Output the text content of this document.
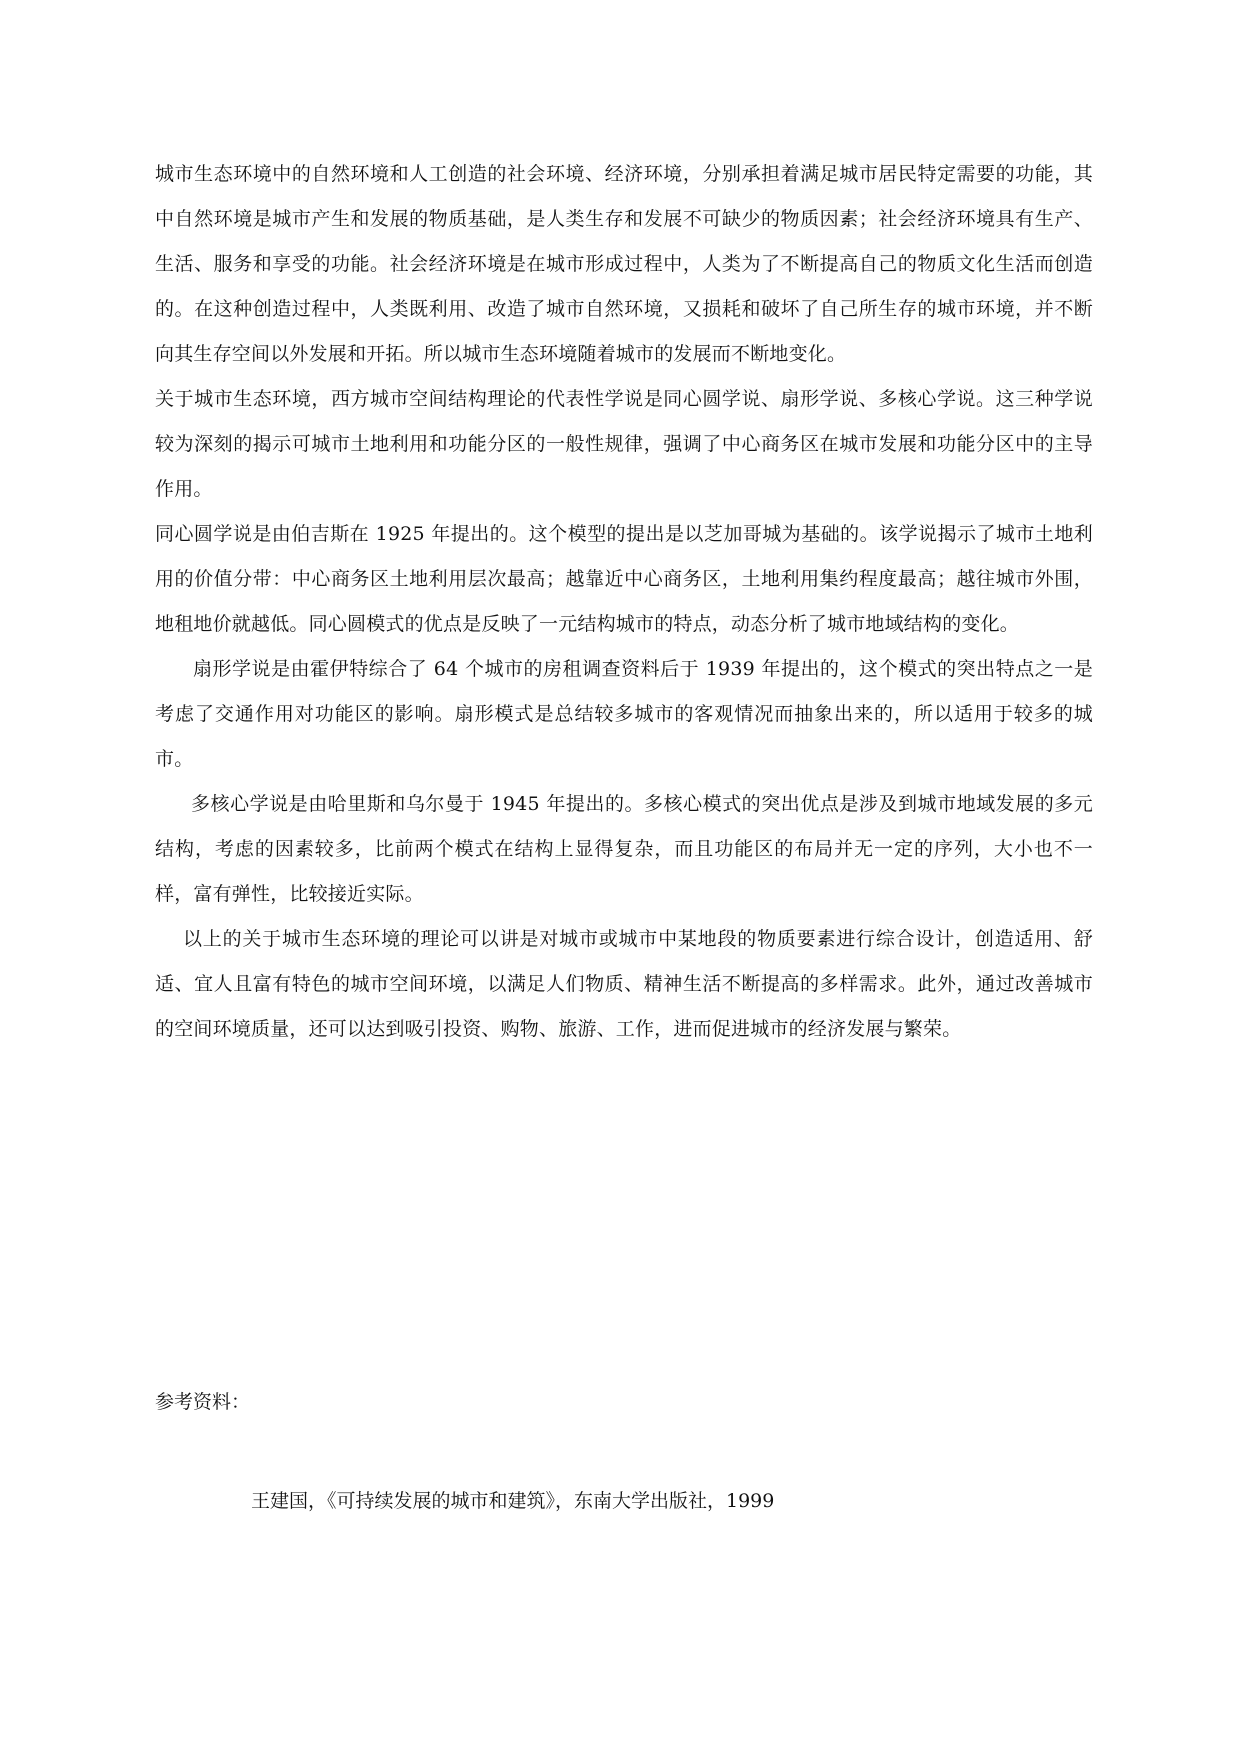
城市生态环境中的自然环境和人工创造的社会环境、经济环境，分别承担着满足城市居民特定需要的功能，其中自然环境是城市产生和发展的物质基础，是人类生存和发展不可缺少的物质因素；社会经济环境具有生产、生活、服务和享受的功能。社会经济环境是在城市形成过程中，人类为了不断提高自己的物质文化生活而创造的。在这种创造过程中，人类既利用、改造了城市自然环境，又损耗和破坏了自己所生存的城市环境，并不断向其生存空间以外发展和开拓。所以城市生态环境随着城市的发展而不断地变化。

关于城市生态环境，西方城市空间结构理论的代表性学说是同心圆学说、扇形学说、多核心学说。这三种学说较为深刻的揭示可城市土地利用和功能分区的一般性规律，强调了中心商务区在城市发展和功能分区中的主导作用。

同心圆学说是由伯吉斯在 1925 年提出的。这个模型的提出是以芝加哥城为基础的。该学说揭示了城市土地利用的价值分带：中心商务区土地利用层次最高；越靠近中心商务区，土地利用集约程度最高；越往城市外围，地租地价就越低。同心圆模式的优点是反映了一元结构城市的特点，动态分析了城市地域结构的变化。

扇形学说是由霍伊特综合了 64 个城市的房租调查资料后于 1939 年提出的，这个模式的突出特点之一是考虑了交通作用对功能区的影响。扇形模式是总结较多城市的客观情况而抽象出来的，所以适用于较多的城市。

多核心学说是由哈里斯和乌尔曼于 1945 年提出的。多核心模式的突出优点是涉及到城市地域发展的多元结构，考虑的因素较多，比前两个模式在结构上显得复杂，而且功能区的布局并无一定的序列，大小也不一样，富有弹性，比较接近实际。

以上的关于城市生态环境的理论可以讲是对城市或城市中某地段的物质要素进行综合设计，创造适用、舒适、宜人且富有特色的城市空间环境，以满足人们物质、精神生活不断提高的多样需求。此外，通过改善城市的空间环境质量，还可以达到吸引投资、购物、旅游、工作，进而促进城市的经济发展与繁荣。

参考资料：

王建国，《可持续发展的城市和建筑》，东南大学出版社，1999
